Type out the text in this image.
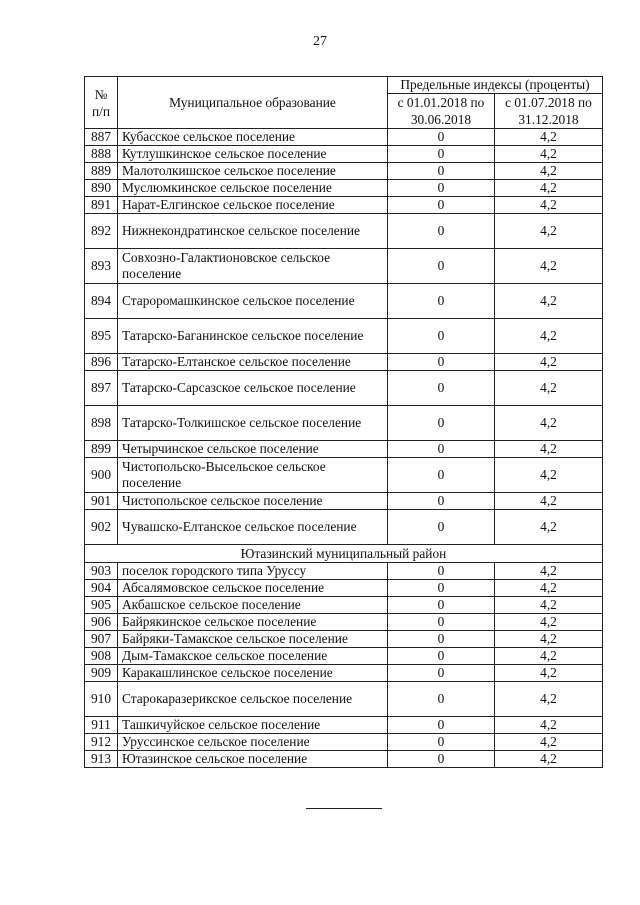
27
№ п/п	Муниципальное образование	Предельные индексы (проценты)	
		с 01.01.2018 по 30.06.2018	с 01.07.2018 по 31.12.2018
887	Кубасское сельское поселение	0	4,2
888	Кутлушкинское сельское поселение	0	4,2
889	Малотолкишское сельское поселение	0	4,2
890	Муслюмкинское сельское поселение	0	4,2
891	Нарат-Елгинское сельское поселение	0	4,2
892	Нижнекондратинское сельское поселение	0	4,2
893	Совхозно-Галактионовское сельское поселение	0	4,2
894	Староромашкинское сельское поселение	0	4,2
895	Татарско-Баганинское сельское поселение	0	4,2
896	Татарско-Елтанское сельское поселение	0	4,2
897	Татарско-Сарсазское сельское поселение	0	4,2
898	Татарско-Толкишское сельское поселение	0	4,2
899	Четырчинское сельское поселение	0	4,2
900	Чистопольско-Высельское сельское поселение	0	4,2
901	Чистопольское сельское поселение	0	4,2
902	Чувашско-Елтанское сельское поселение	0	4,2
Ютазинский муниципальный район			
903	поселок городского типа Уруссу	0	4,2
904	Абсалямовское сельское поселение	0	4,2
905	Акбашское сельское поселение	0	4,2
906	Байрякинское сельское поселение	0	4,2
907	Байряки-Тамакское сельское поселение	0	4,2
908	Дым-Тамакское сельское поселение	0	4,2
909	Каракашлинское сельское поселение	0	4,2
910	Старокаразерикское сельское поселение	0	4,2
911	Ташкичуйское сельское поселение	0	4,2
912	Уруссинское сельское поселение	0	4,2
913	Ютазинское сельское поселение	0	4,2
